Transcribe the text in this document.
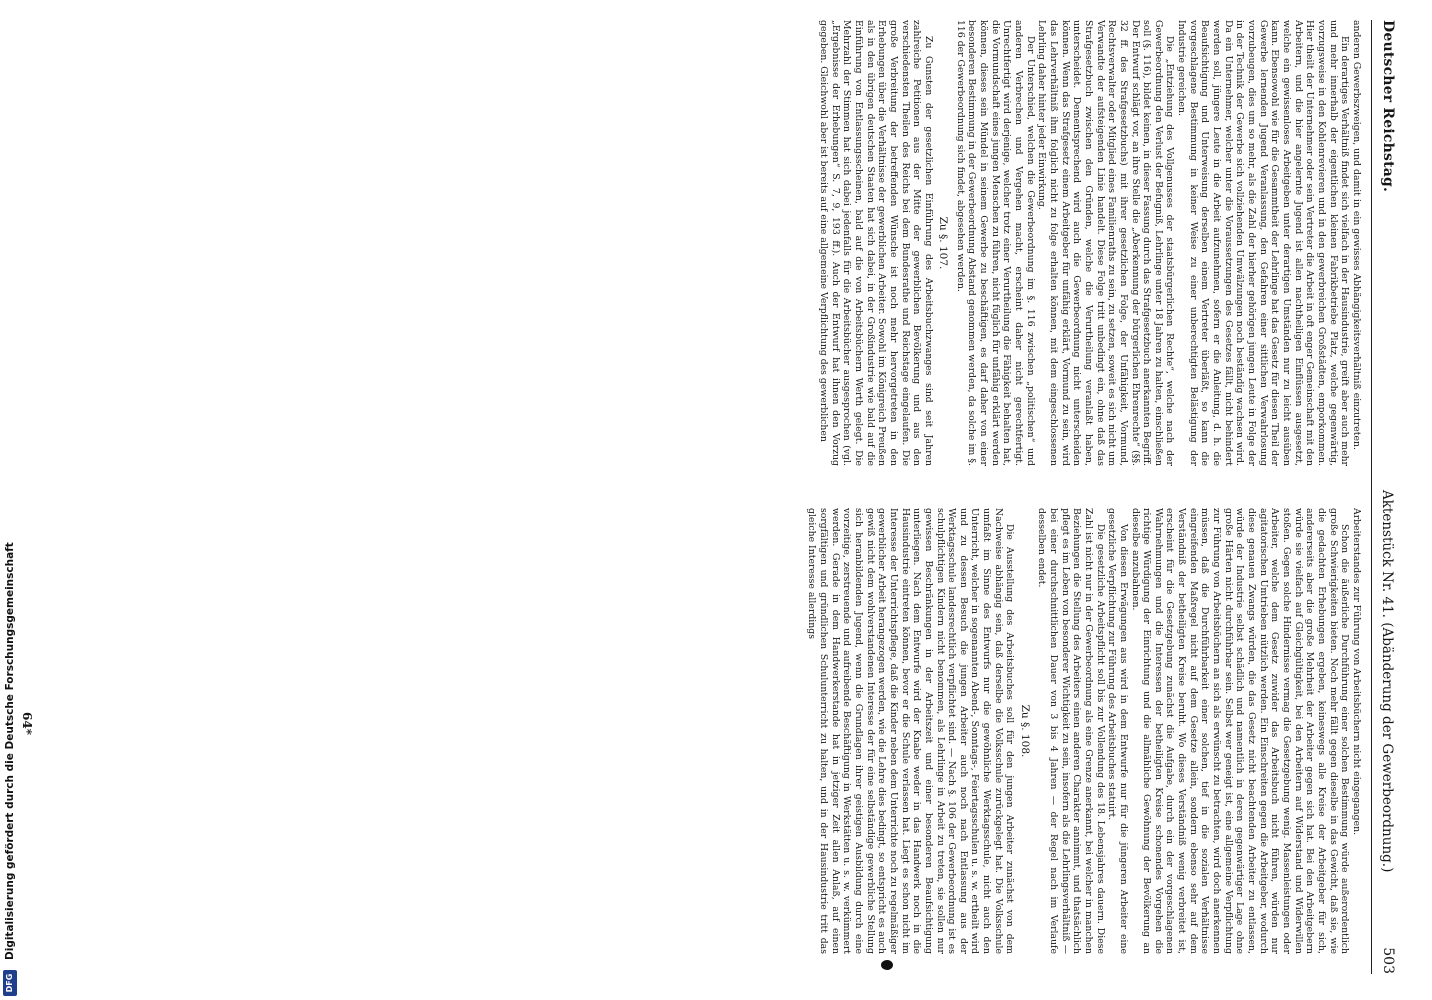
Deutscher Reichstag.
Aktenstück Nr. 41. (Abänderung der Gewerbeordnung.)
503

anderen Gewerbszweigen, und damit in ein gewisses Abhängigkeitsverhältniß einzutreten.

Ein derartiges Verhältniß findet sich vielfach in der Hausindustrie, greift aber auch mehr und mehr innerhalb der eigentlichen kleinen Fabrikbetriebe Platz, welche gegenwärtig, vorzugsweise in den Kohlenrevieren und in den gewerbreichen Großstädten, emporkommen. Hier theilt der Unternehmer oder sein Vertreter die Arbeit in oft enger Gemeinschaft mit den Arbeitern, und die hier angelernte Jugend ist allen nachtheiligen Einflüssen ausgesetzt, welche ein gewissenloses Arbeitgeben unter derartigen Umständen nur zu leicht ausüben kann. Ebensowohl wie für die Gesammtheit der Lehrlinge hat das Gesetz für diesen Theil der Gewerbe lernenden Jugend Veranlassung, den Gefahren einer sittlichen Verwahrlosung vorzubeugen, dies um so mehr, als die Zahl der hierher gehörigen jungen Leute in Folge der in der Technik der Gewerbe sich vollziehenden Umwälzungen noch beständig wachsen wird. Da ein Unternehmer, welcher unter die Voraussetzungen des Gesetzes fällt, nicht behindert werden soll, jüngere Leute in die Arbeit aufzunehmen, sofern er die Anleitung, d. h. die Beaufsichtigung und Unterweisung derselben einem Vertreter überläßt, so kann die vorgeschlagene Bestimmung in keiner Weise zu einer unberechtigten Belästigung der Industrie gereichen.

Die „Entziehung des Vollgenusses der staatsbürgerlichen Rechte“, welche nach der Gewerbeordnung den Verlust der Befugniß, Lehrlinge unter 18 Jahren zu halten, einschließen soll (§. 116), bildet keinen, in dieser Fassung durch das Strafgesetzbuch anerkannten Begriff. Der Entwurf schlägt vor, an ihre Stelle die „Aberkennung der bürgerlichen Ehrenrechte“ (§§. 32 ff. des Strafgesetzbuchs) mit ihrer gesetzlichen Folge, der Unfähigkeit, Vormund, Rechtsverwalter oder Mitglied eines Familienraths zu sein, zu setzen, soweit es sich nicht um Verwandte der aufsteigenden Linie handelt. Diese Folge tritt unbedingt ein, ohne daß das Strafgesetzbuch zwischen den Gründen, welche die Verurtheilung veranlaßt haben, unterscheidet. Dementsprechend wird auch die Gewerbeordnung nicht unterscheiden können. Wenn das Strafgesetz einem Arbeitgeber für unfähig erklärt, Vormund zu sein, wird das Lehrverhältniß ihm folglich nicht zu folge erhalten können, mit dem eingeschlossenen Lehrling daher hinter jeder Einwirkung.

Der Unterschied, welchen die Gewerbeordnung im §. 116 zwischen „politischen“ und anderen Verbrechen und Vergehen macht, erscheint daher nicht gerechtfertigt. Unrechtfertigt wird derjenige, welcher trotz einer Verurtheilung die Fähigkeit behalten hat, die Vormundschaft eines jungen Menschen zu führen, nicht füglich für unfähig erklärt werden können, dieses sein Mündel in seinem Gewerbe zu beschäftigen, es darf daher von einer besonderen Bestimmung in der Gewerbeordnung Abstand genommen werden, da solche im §. 116 der Gewerbeordnung sich findet, abgesehen werden.

Zu §. 107.

Zu Gunsten der gesetzlichen Einführung des Arbeitsbuchzwanges sind seit Jahren zahlreiche Petitionen aus der Mitte der gewerblichen Bevölkerung und aus den verschiedensten Theilen des Reichs bei dem Bundesrathe und Reichstage eingelaufen. Die große Verbreitung der betreffenden Wünsche ist noch mehr hervorgetreten in den Erhebungen über die Verhältnisse der gewerblichen Arbeiter. Sowohl im Königreich Preußen als in den übrigen deutschen Staaten hat sich dabei, in der Großindustrie wie bald auf die Einführung von Entlassungsscheinen, bald auf die von Arbeitsbüchern Werth gelegt. Die Mehrzahl der Stimmen hat sich dabei jedenfalls für die Arbeitsbücher ausgesprochen (vgl. „Ergebnisse der Erhebungen“ S. 7, 9, 193 ff.). Auch der Entwurf hat ihnen den Vorzug gegeben. Gleichwohl aber ist bereits auf eine allgemeine Verpflichtung des gewerblichen

Arbeiterstandes zur Führung von Arbeitsbüchern nicht eingegangen.

Schon die äußerliche Durchführung einer solchen Bestimmung würde außerordentlich große Schwierigkeiten bieten. Noch mehr fällt gegen dieselbe in das Gewicht, daß sie, wie die gedachten Erhebungen ergeben, keineswegs alle Kreise der Arbeitgeber für sich, andererseits aber die große Mehrheit der Arbeiter gegen sich hat. Bei den Arbeitgebern würde sie vielfach auf Gleichgültigkeit, bei den Arbeitern auf Widerstand und Widerwillen stoßen. Gegen solche Hindernisse vermag die Gesetzgebung wenig. Massenleistungen oder Arbeiter, welche dem Gesetz zuwider das Arbeitsbuch nicht führen, würden nur agitatorischen Umtrieben nützlich werden. Ein Einschreiten gegen die Arbeitgeber, wodurch diese genauen Zwangs würden, die das Gesetz nicht beachtenden Arbeiter zu entlassen, würde der Industrie selbst schädlich und namentlich in deren gegenwärtiger Lage ohne große Härten nicht durchführbar sein. Selbst wer geneigt ist, eine allgemeine Verpflichtung zur Führung von Arbeitsbüchern an sich als erwünscht zu betrachten, wird doch anerkennen müssen, daß die Durchführbarkeit einer solchen, tief in die sozialen Verhältnisse eingreifenden Maßregel nicht auf dem Gesetze allein, sondern ebenso sehr auf dem Verständniß der betheiligten Kreise beruht. Wo dieses Verständniß wenig verbreitet ist, erscheint für die Gesetzgebung zunächst die Aufgabe, durch ein der vorgeschlagenen Wahrnehmungen und die Interessen der betheiligten Kreise schonendes Vorgehen die richtige Würdigung der Einrichtung und die allmähliche Gewöhnung der Bevölkerung an dieselbe anzubahnen.

Von diesen Erwägungen aus wird in dem Entwurfe nur für die jüngeren Arbeiter eine gesetzliche Verpflichtung zur Führung des Arbeitsbuches statuirt.

Die gesetzliche Arbeitspflicht soll bis zur Vollendung des 18. Lebensjahres dauern. Diese Zahl ist nicht nur in der Gewerbeordnung als eine Grenze anerkannt, bei welcher in manchen Beziehungen die Stellung des Arbeiters einen anderen Charakter annimmt, und thatsächlich pflegt es im Leben von besonderer Wichtigkeit zu sein, insofern als die Lehrlingsverhältniß — bei einer durchschnittlichen Dauer von 3 bis 4 Jahren — der Regel nach im Verlaufe desselben endet.

Zu §. 108.

Die Ausstellung des Arbeitsbuches soll für den jungen Arbeiter zunächst von dem Nachweise abhängig sein, daß derselbe die Volksschule zurückgelegt hat. Die Volksschule umfaßt im Sinne des Entwurfs nur die gewöhnliche Werktagsschule, nicht auch den Unterricht, welcher in sogenannten Abend-, Sonntags-, Feiertagsschulen u. s. w. ertheilt wird und zu dessen Besuch die jungen Arbeiter auch noch nach Entlassung aus der Werktagsschule landesrechtlich verpflichtet sind. — Nach §. 106 der Gewerbeordnung ist es schulpflichtigen Kindern nicht benommen, als Lehrlinge in Arbeit zu treten, sie sollen nur gewissen Beschränkungen in der Arbeitszeit und einer besonderen Beaufsichtigung unterliegen. Nach dem Entwurfe wird der Knabe weder in das Handwerk noch in die Hausindustrie eintreten können, bevor er die Schule verlassen hat. Liegt es schon nicht im Interesse der Unterrichtspflege, daß die Kinder neben dem Unterrichte noch zu regelmäßiger gewerblicher Arbeit herangezogen werden, wie die Lehre dies bedingt, so entspricht es auch gewiß nicht dem wohlverstandenen Interesse der für eine selbständige gewerbliche Stellung sich heranbildenden Jugend, wenn die Grundlagen ihrer geistigen Ausbildung durch eine vorzeitige, zerstreuende und aufreibende Beschäftigung in Werkstätten u. s. w. verkümmert werden. Gerade in dem Handwerkerstande hat in jetziger Zeit allen Anlaß, auf einen sorgfältigen und gründlichen Schulunterricht zu halten, und in der Hausindustrie tritt das gleiche Interesse allerdings

64*
Digitalisierung gefördert durch die Deutsche Forschungsgemeinschaft
DFG
